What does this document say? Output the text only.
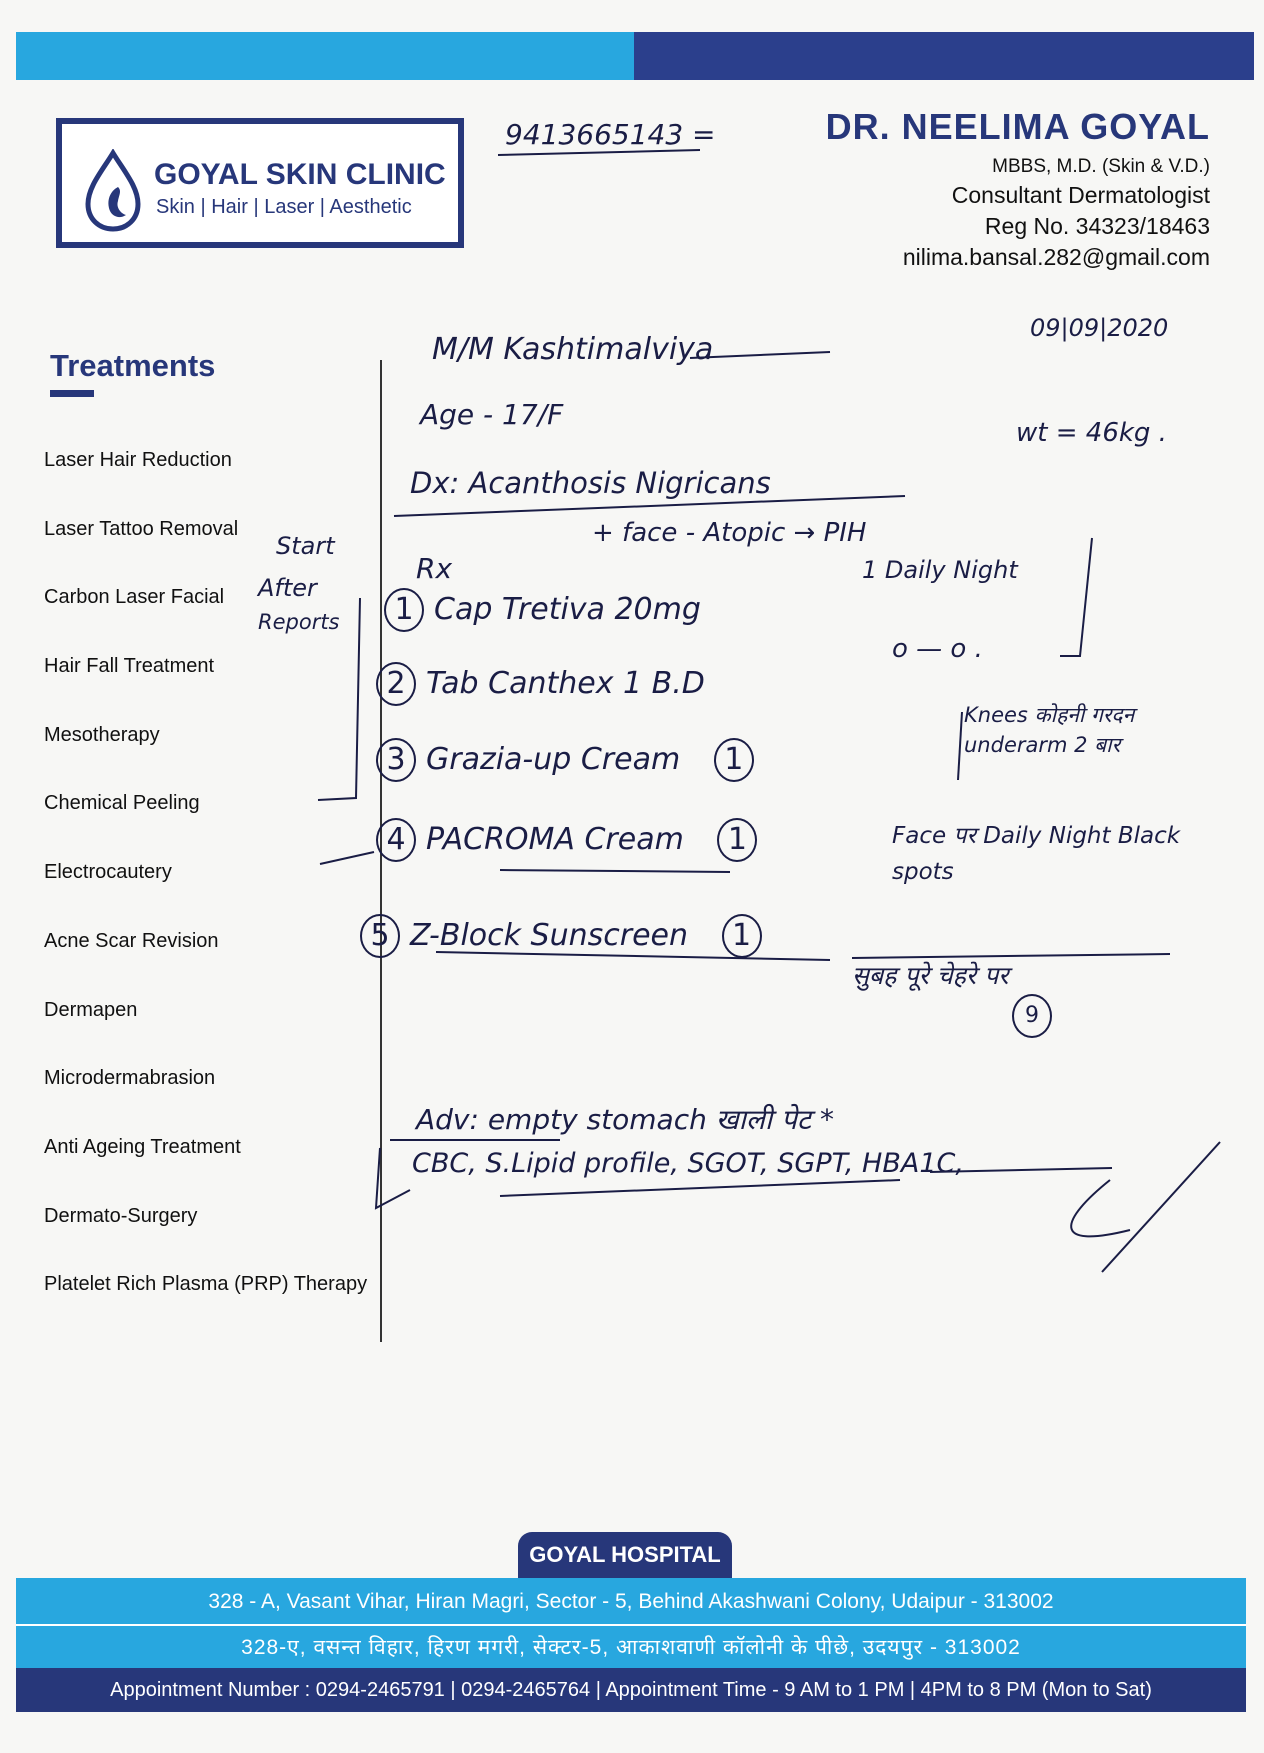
GOYAL SKIN CLINIC
Skin | Hair | Laser | Aesthetic
DR. NEELIMA GOYAL
MBBS, M.D. (Skin & V.D.)
Consultant Dermatologist
Reg No. 34323/18463
nilima.bansal.282@gmail.com
9413665143 =
Treatments
Laser Hair Reduction
Laser Tattoo Removal
Carbon Laser Facial
Hair Fall Treatment
Mesotherapy
Chemical Peeling
Electrocautery
Acne Scar Revision
Dermapen
Microdermabrasion
Anti Ageing Treatment
Dermato-Surgery
Platelet Rich Plasma (PRP) Therapy
M/M Kashtimalviya
09|09|2020
Age - 17/F
wt = 46kg .
Dx: Acanthosis Nigricans
+ face - Atopic → PIH
Rx
Start
After
Reports	1 Cap Tretiva 20mg
1 Daily Night
2 Tab Canthex 1 B.D
o — o .
3 Grazia-up Cream 1
Knees कोहनी गरदन underarm 2 बार
4 PACROMA Cream 1	Face पर Daily Night Black spots
5 Z-Block Sunscreen 1
सुबह पूरे चेहरे पर
9
Adv: empty stomach खाली पेट *
CBC, S.Lipid profile, SGOT, SGPT, HBA1C,
GOYAL HOSPITAL
328 - A, Vasant Vihar, Hiran Magri, Sector - 5, Behind Akashwani Colony, Udaipur - 313002
328-ए, वसन्त विहार, हिरण मगरी, सेक्टर-5, आकाशवाणी कॉलोनी के पीछे, उदयपुर - 313002
Appointment Number : 0294-2465791 | 0294-2465764 | Appointment Time - 9 AM to 1 PM | 4PM to 8 PM (Mon to Sat)
